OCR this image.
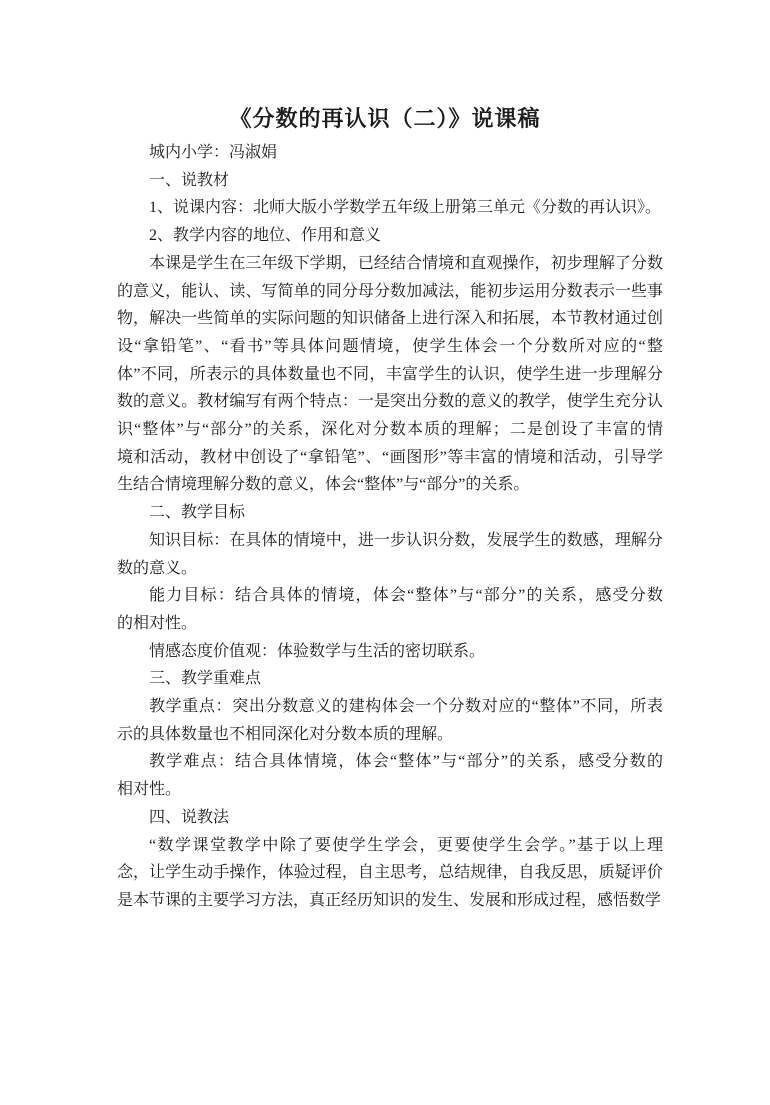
《分数的再认识（二）》说课稿
城内小学：冯淑娟
一、说教材
1、说课内容：北师大版小学数学五年级上册第三单元《分数的再认识》。
2、教学内容的地位、作用和意义
本课是学生在三年级下学期，已经结合情境和直观操作，初步理解了分数
的意义，能认、读、写简单的同分母分数加减法，能初步运用分数表示一些事
物，解决一些简单的实际问题的知识储备上进行深入和拓展，本节教材通过创
设“拿铅笔”、“看书”等具体问题情境，使学生体会一个分数所对应的“整
体”不同，所表示的具体数量也不同，丰富学生的认识，使学生进一步理解分
数的意义。教材编写有两个特点：一是突出分数的意义的教学，使学生充分认
识“整体”与“部分”的关系，深化对分数本质的理解；二是创设了丰富的情
境和活动，教材中创设了“拿铅笔”、“画图形”等丰富的情境和活动，引导学
生结合情境理解分数的意义，体会“整体”与“部分”的关系。
二、教学目标
知识目标：在具体的情境中，进一步认识分数，发展学生的数感，理解分
数的意义。
能力目标：结合具体的情境，体会“整体”与“部分”的关系，感受分数
的相对性。
情感态度价值观：体验数学与生活的密切联系。
三、教学重难点
教学重点：突出分数意义的建构体会一个分数对应的“整体”不同，所表
示的具体数量也不相同深化对分数本质的理解。
教学难点：结合具体情境，体会“整体”与“部分”的关系，感受分数的
相对性。
四、说教法
“数学课堂教学中除了要使学生学会，更要使学生会学。”基于以上理
念，让学生动手操作，体验过程，自主思考，总结规律，自我反思，质疑评价
是本节课的主要学习方法，真正经历知识的发生、发展和形成过程，感悟数学
